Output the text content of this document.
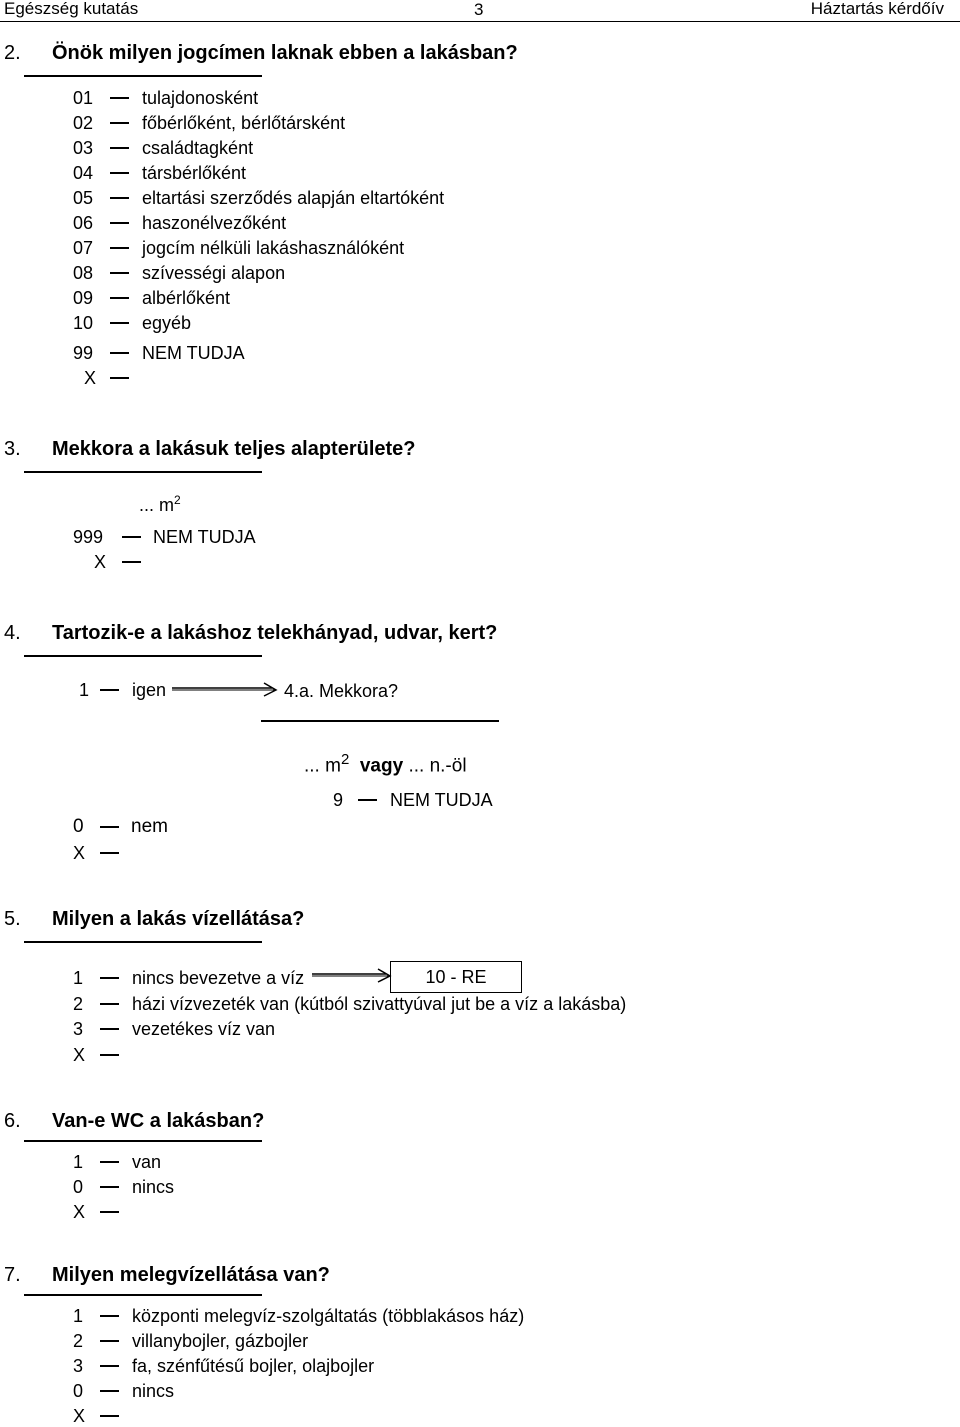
Egészség kutatás	3	Háztartás kérdőív
2. Önök milyen jogcímen laknak ebben a lakásban?
01	tulajdonosként
02	főbérlőként, bérlőtársként
03	családtagként
04	társbérlőként
05	eltartási szerződés alapján eltartóként
06	haszonélvezőként
07	jogcím nélküli lakáshasználóként
08	szívességi alapon
09	albérlőként
10	egyéb
99	NEM TUDJA
X
3. Mekkora a lakásuk teljes alapterülete?
... $m^2$
999	NEM TUDJA
X
4. Tartozik-e a lakáshoz telekhányad, udvar, kert?
1 igen	4.a. Mekkora?
... $m^2$ vagy ... n.-öl
9	NEM TUDJA
0 nem
X
5. Milyen a lakás vízellátása?
1	nincs bevezetve a víz
2	házi vízvezeték van (kútból szivattyúval jut be a víz a lakásba)
3	vezetékes víz van
X
10 - RE
6. Van-e WC a lakásban?
1	van
0	nincs
X
7. Milyen melegvízellátása van?
1	központi melegvíz-szolgáltatás (többlakásos ház)
2	villanybojler, gázbojler
3	fa, szénfűtésű bojler, olajbojler
0	nincs
X
